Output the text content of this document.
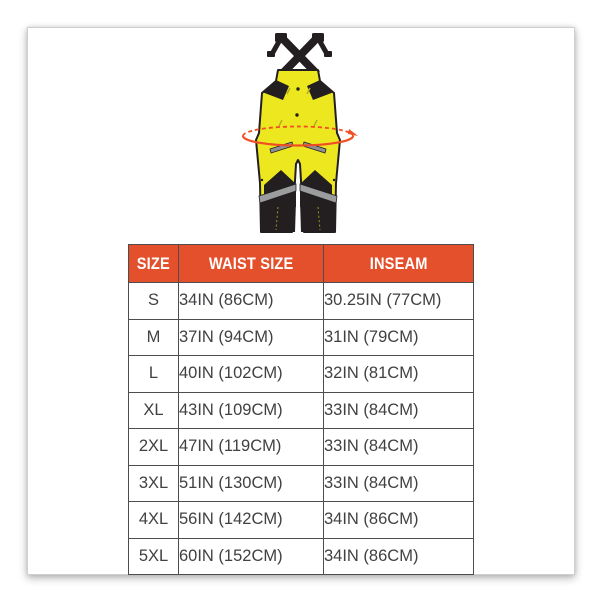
SIZE	WAIST SIZE	INSEAM
S	34IN (86CM)	30.25IN (77CM)
M	37IN (94CM)	31IN (79CM)
L	40IN (102CM)	32IN (81CM)
XL	43IN (109CM)	33IN (84CM)
2XL	47IN (119CM)	33IN (84CM)
3XL	51IN (130CM)	33IN (84CM)
4XL	56IN (142CM)	34IN (86CM)
5XL	60IN (152CM)	34IN (86CM)
